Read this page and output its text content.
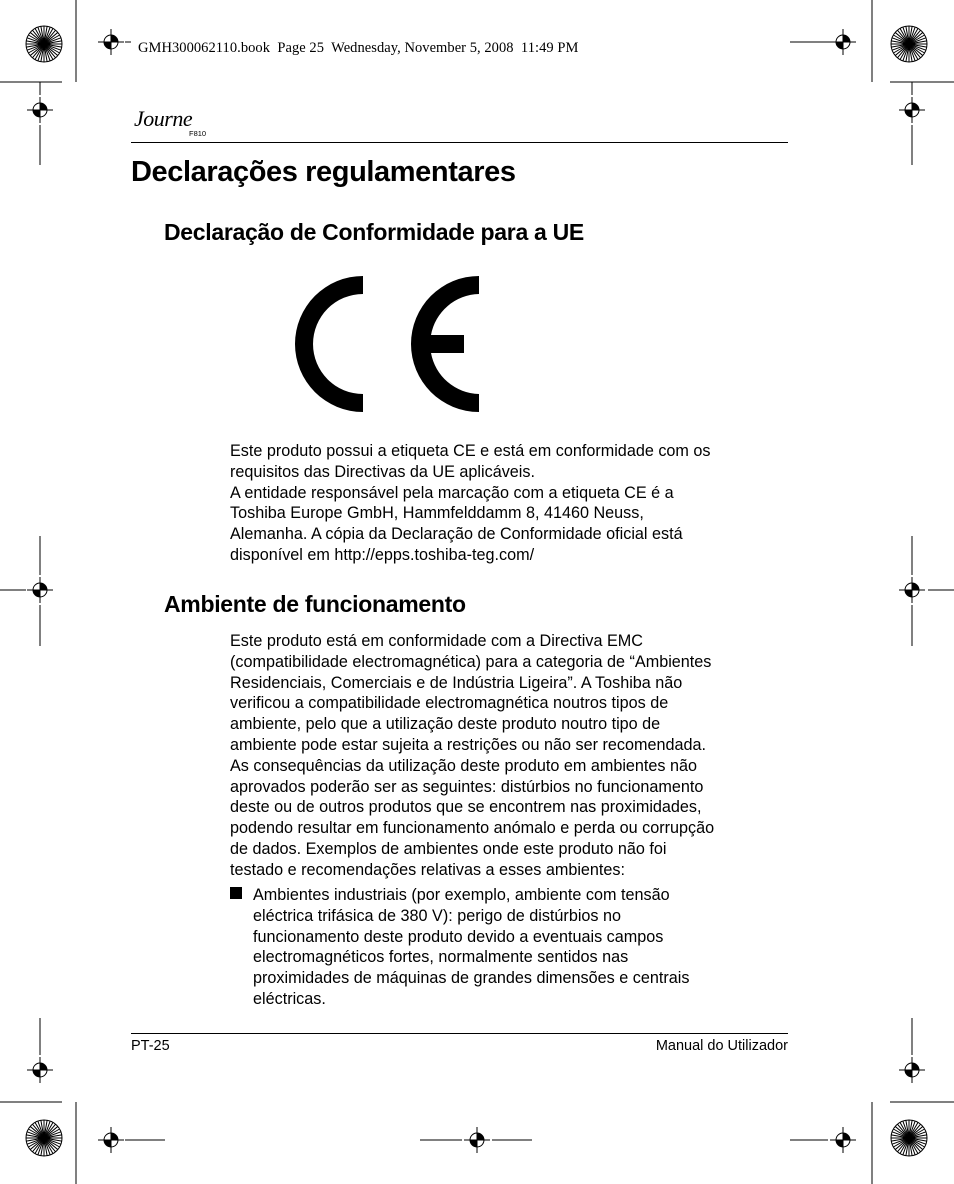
GMH300062110.book  Page 25  Wednesday, November 5, 2008  11:49 PM
Journe
F810
Declarações regulamentares
Declaração de Conformidade para a UE
Este produto possui a etiqueta CE e está em conformidade com os
requisitos das Directivas da UE aplicáveis.
A entidade responsável pela marcação com a etiqueta CE é a
Toshiba Europe GmbH, Hammfelddamm 8, 41460 Neuss,
Alemanha. A cópia da Declaração de Conformidade oficial está
disponível em http://epps.toshiba-teg.com/
Ambiente de funcionamento
Este produto está em conformidade com a Directiva EMC
(compatibilidade electromagnética) para a categoria de “Ambientes
Residenciais, Comerciais e de Indústria Ligeira”. A Toshiba não
verificou a compatibilidade electromagnética noutros tipos de
ambiente, pelo que a utilização deste produto noutro tipo de
ambiente pode estar sujeita a restrições ou não ser recomendada.
As consequências da utilização deste produto em ambientes não
aprovados poderão ser as seguintes: distúrbios no funcionamento
deste ou de outros produtos que se encontrem nas proximidades,
podendo resultar em funcionamento anómalo e perda ou corrupção
de dados. Exemplos de ambientes onde este produto não foi
testado e recomendações relativas a esses ambientes:
Ambientes industriais (por exemplo, ambiente com tensão
eléctrica trifásica de 380 V): perigo de distúrbios no
funcionamento deste produto devido a eventuais campos
electromagnéticos fortes, normalmente sentidos nas
proximidades de máquinas de grandes dimensões e centrais
eléctricas.
PT-25	Manual do Utilizador
